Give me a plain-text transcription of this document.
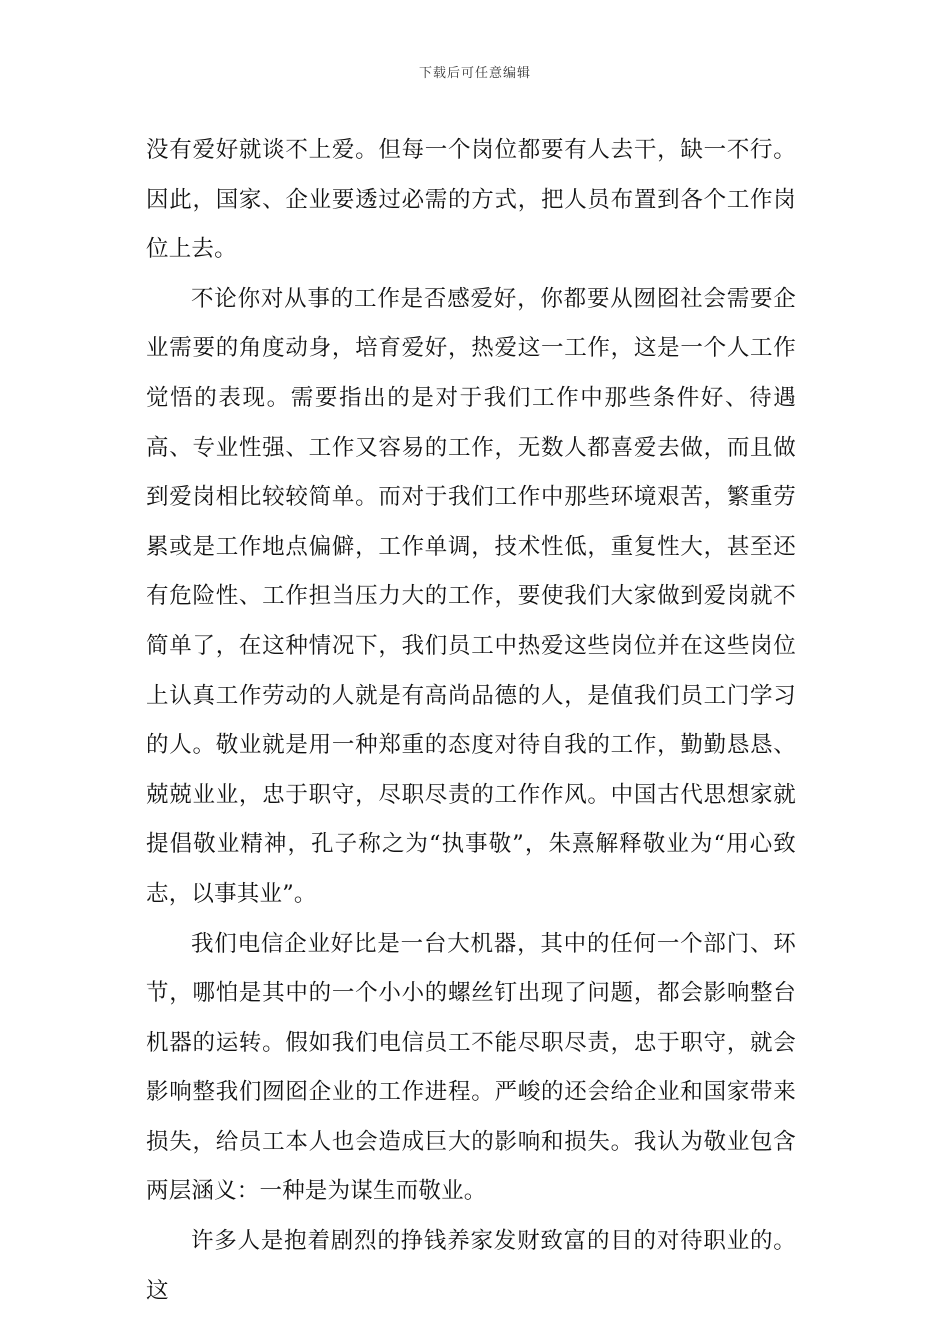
下载后可任意编辑

没有爱好就谈不上爱。但每一个岗位都要有人去干，缺一不行。因此，国家、企业要透过必需的方式，把人员布置到各个工作岗位上去。

不论你对从事的工作是否感爱好，你都要从囫囵社会需要企业需要的角度动身，培育爱好，热爱这一工作，这是一个人工作觉悟的表现。需要指出的是对于我们工作中那些条件好、待遇高、专业性强、工作又容易的工作，无数人都喜爱去做，而且做到爱岗相比较较简单。而对于我们工作中那些环境艰苦，繁重劳累或是工作地点偏僻，工作单调，技术性低，重复性大，甚至还有危险性、工作担当压力大的工作，要使我们大家做到爱岗就不简单了，在这种情况下，我们员工中热爱这些岗位并在这些岗位上认真工作劳动的人就是有高尚品德的人，是值我们员工门学习的人。敬业就是用一种郑重的态度对待自我的工作，勤勤恳恳、兢兢业业，忠于职守，尽职尽责的工作作风。中国古代思想家就提倡敬业精神，孔子称之为“执事敬”，朱熹解释敬业为“用心致志，以事其业”。

我们电信企业好比是一台大机器，其中的任何一个部门、环节，哪怕是其中的一个小小的螺丝钉出现了问题，都会影响整台机器的运转。假如我们电信员工不能尽职尽责，忠于职守，就会影响整我们囫囵企业的工作进程。严峻的还会给企业和国家带来损失，给员工本人也会造成巨大的影响和损失。我认为敬业包含两层涵义：一种是为谋生而敬业。

许多人是抱着剧烈的挣钱养家发财致富的目的对待职业的。这
